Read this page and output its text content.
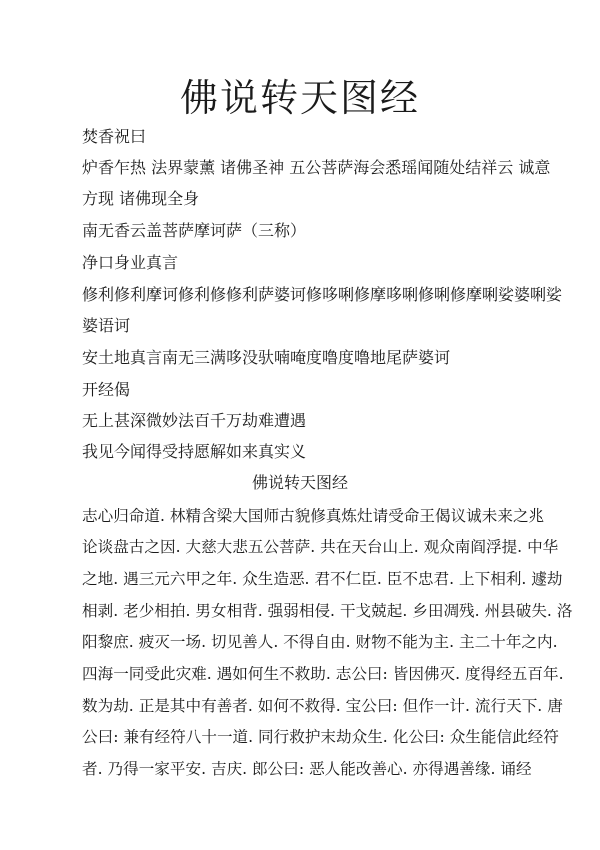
佛说转天图经

焚香祝曰

炉香乍热 法界蒙薰 诸佛圣神 五公菩萨海会悉瑶闻随处结祥云 诚意

方现 诸佛现全身

南无香云盖菩萨摩诃萨（三称）

净口身业真言

修利修利摩诃修利修修利萨婆诃修哆唎修摩哆唎修唎修摩唎娑婆唎娑

婆语诃

安土地真言南无三满哆没驮喃唵度噜度噜地尾萨婆诃

开经偈

无上甚深微妙法百千万劫难遭遇

我见今闻得受持愿解如来真实义

佛说转天图经

志心归命道. 林精含梁大国师古貌修真炼灶请受命王偈议诚未来之兆

论谈盘古之因. 大慈大悲五公菩萨. 共在天台山上. 观众南阎浮提. 中华

之地. 遇三元六甲之年. 众生造恶. 君不仁臣. 臣不忠君. 上下相利. 遽劫

相剥. 老少相拍. 男女相背. 强弱相侵. 干戈兢起. 乡田凋残. 州县破失. 洛

阳黎庶. 疲灭一场. 切见善人. 不得自由. 财物不能为主. 主二十年之内.

四海一同受此灾难. 遇如何生不救助. 志公曰: 皆因佛灭. 度得经五百年.

数为劫. 正是其中有善者. 如何不救得. 宝公曰: 但作一计. 流行天下. 唐

公曰: 兼有经符八十一道. 同行救护末劫众生. 化公曰: 众生能信此经符

者. 乃得一家平安. 吉庆. 郎公曰: 恶人能改善心. 亦得遇善缘. 诵经
